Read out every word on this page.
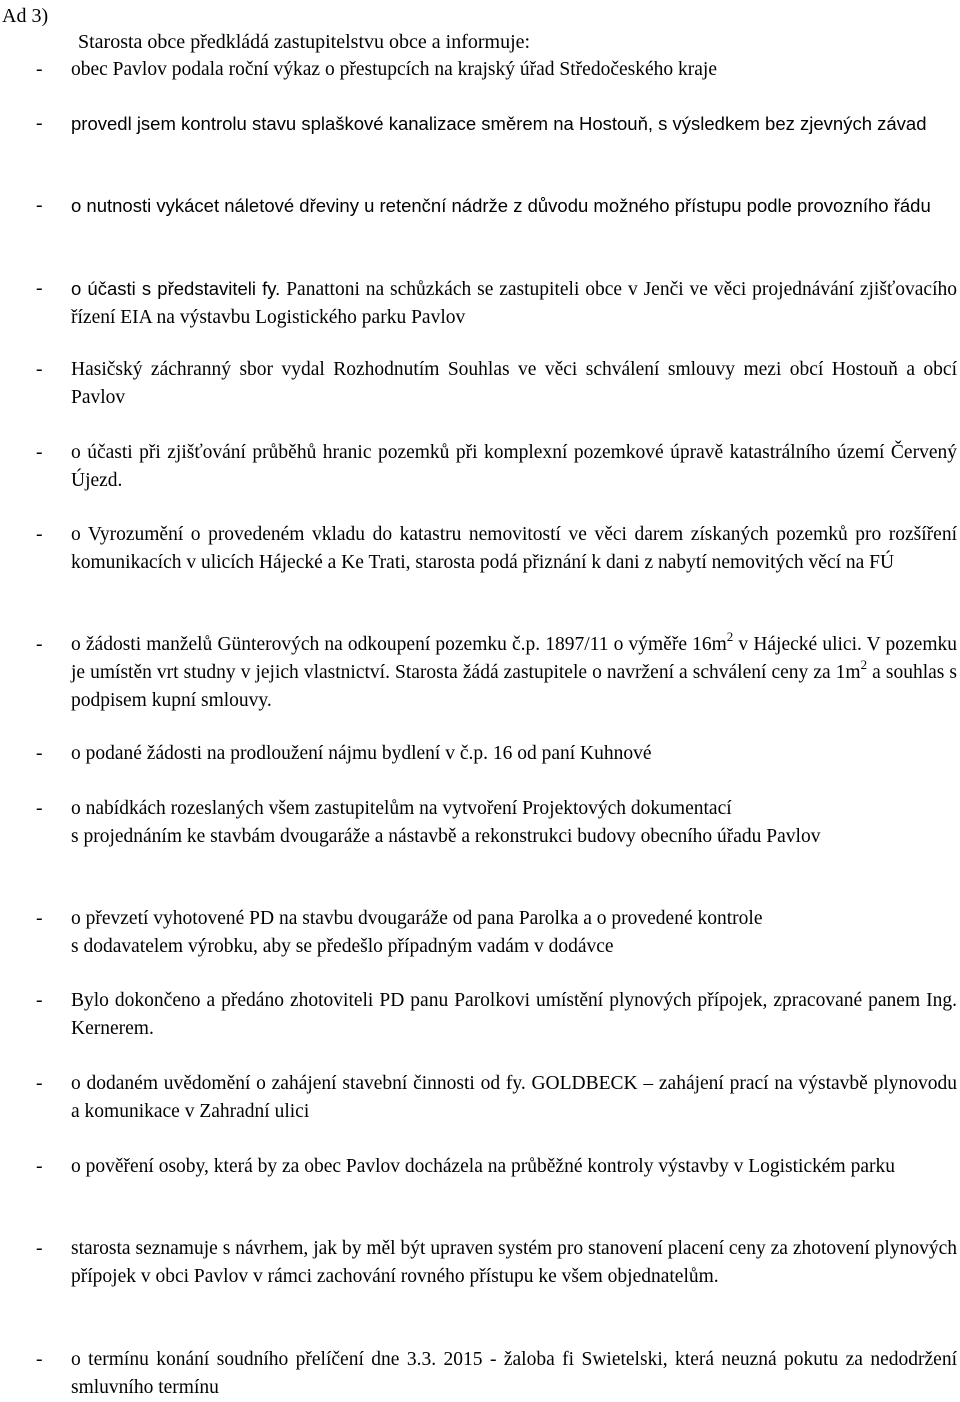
Ad 3)
Starosta obce předkládá zastupitelstvu obce a informuje:
- obec Pavlov podala roční výkaz o přestupcích na krajský úřad Středočeského kraje
- provedl jsem kontrolu stavu splaškové kanalizace směrem na Hostouň, s výsledkem bez zjevných závad
- o nutnosti vykácet náletové dřeviny u retenční nádrže z důvodu možného přístupu podle provozního řádu
- o účasti s představiteli fy. Panattoni na schůzkách se zastupiteli obce v Jenči ve věci projednávání zjišťovacího řízení EIA na výstavbu Logistického parku Pavlov
- Hasičský záchranný sbor vydal Rozhodnutím Souhlas ve věci schválení smlouvy mezi obcí Hostouň a obcí Pavlov
- o účasti při zjišťování průběhů hranic pozemků při komplexní pozemkové úpravě katastrálního území Červený Újezd.
- o Vyrozumění o provedeném vkladu do katastru nemovitostí ve věci darem získaných pozemků pro rozšíření komunikacích v ulicích Hájecké a Ke Trati, starosta podá přiznání k dani z nabytí nemovitých věcí na FÚ
- o žádosti manželů Günterových na odkoupení pozemku č.p. 1897/11 o výměře $16m^2$ v Hájecké ulici. V pozemku je umístěn vrt studny v jejich vlastnictví. Starosta žádá zastupitele o navržení a schválení ceny za $1m^2$ a souhlas s podpisem kupní smlouvy.
- o podané žádosti na prodloužení nájmu bydlení v č.p. 16 od paní Kuhnové
- o nabídkách rozeslaných všem zastupitelům na vytvoření Projektových dokumentací
s projednáním ke stavbám dvougaráže a nástavbě a rekonstrukci budovy obecního úřadu Pavlov
- o převzetí vyhotovené PD na stavbu dvougaráže od pana Parolka a o provedené kontrole
s dodavatelem výrobku, aby se předešlo případným vadám v dodávce
- Bylo dokončeno a předáno zhotoviteli PD panu Parolkovi umístění plynových přípojek, zpracované panem Ing. Kernerem.
- o dodaném uvědomění o zahájení stavební činnosti od fy. GOLDBECK – zahájení prací na výstavbě plynovodu a komunikace v Zahradní ulici
- o pověření osoby, která by za obec Pavlov docházela na průběžné kontroly výstavby v Logistickém parku
- starosta seznamuje s návrhem, jak by měl být upraven systém pro stanovení placení ceny za zhotovení plynových přípojek v obci Pavlov v rámci zachování rovného přístupu ke všem objednatelům.
- o termínu konání soudního přelíčení dne 3.3. 2015 - žaloba fi Swietelski, která neuzná pokutu za nedodržení smluvního termínu
